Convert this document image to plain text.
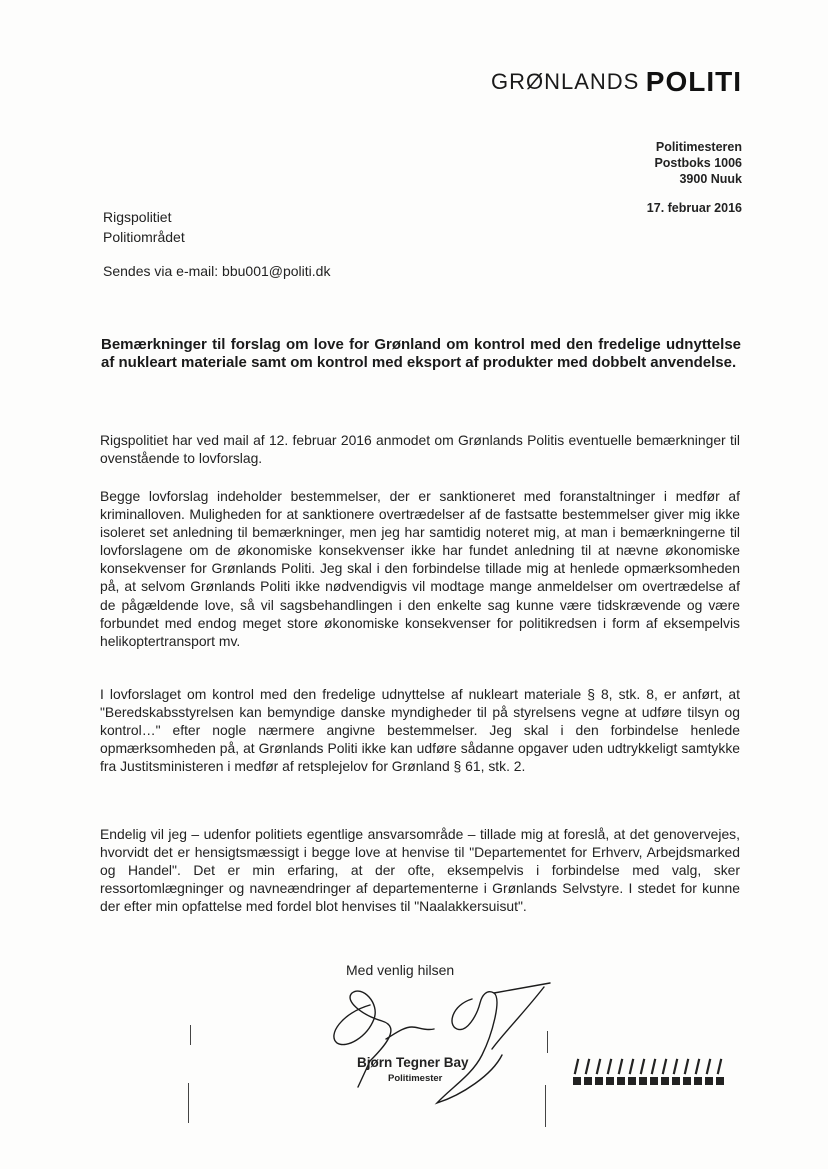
GRØNLANDS POLITI
Politimesteren
Postboks 1006
3900 Nuuk
17. februar 2016
Rigspolitiet
Politiområdet
Sendes via e-mail: bbu001@politi.dk
Bemærkninger til forslag om love for Grønland om kontrol med den fredelige udnyttelse af nukleart materiale samt om kontrol med eksport af produkter med dobbelt anvendelse.

Rigspolitiet har ved mail af 12. februar 2016 anmodet om Grønlands Politis eventuelle bemærkninger til ovenstående to lovforslag.

Begge lovforslag indeholder bestemmelser, der er sanktioneret med foranstaltninger i medfør af kriminalloven. Muligheden for at sanktionere overtrædelser af de fastsatte bestemmelser giver mig ikke isoleret set anledning til bemærkninger, men jeg har samtidig noteret mig, at man i bemærkningerne til lovforslagene om de økonomiske konsekvenser ikke har fundet anledning til at nævne økonomiske konsekvenser for Grønlands Politi. Jeg skal i den forbindelse tillade mig at henlede opmærksomheden på, at selvom Grønlands Politi ikke nødvendigvis vil modtage mange anmeldelser om overtrædelse af de pågældende love, så vil sagsbehandlingen i den enkelte sag kunne være tidskrævende og være forbundet med endog meget store økonomiske konsekvenser for politikredsen i form af eksempelvis helikoptertransport mv.

I lovforslaget om kontrol med den fredelige udnyttelse af nukleart materiale § 8, stk. 8, er anført, at "Beredskabsstyrelsen kan bemyndige danske myndigheder til på styrelsens vegne at udføre tilsyn og kontrol…" efter nogle nærmere angivne bestemmelser. Jeg skal i den forbindelse henlede opmærksomheden på, at Grønlands Politi ikke kan udføre sådanne opgaver uden udtrykkeligt samtykke fra Justitsministeren i medfør af retsplejelov for Grønland § 61, stk. 2.

Endelig vil jeg – udenfor politiets egentlige ansvarsområde – tillade mig at foreslå, at det genovervejes, hvorvidt det er hensigtsmæssigt i begge love at henvise til "Departementet for Erhverv, Arbejdsmarked og Handel". Det er min erfaring, at der ofte, eksempelvis i forbindelse med valg, sker ressortomlægninger og navneændringer af departementerne i Grønlands Selvstyre. I stedet for kunne der efter min opfattelse med fordel blot henvises til "Naalakkersuisut".

Med venlig hilsen
Bjørn Tegner Bay
Politimester
